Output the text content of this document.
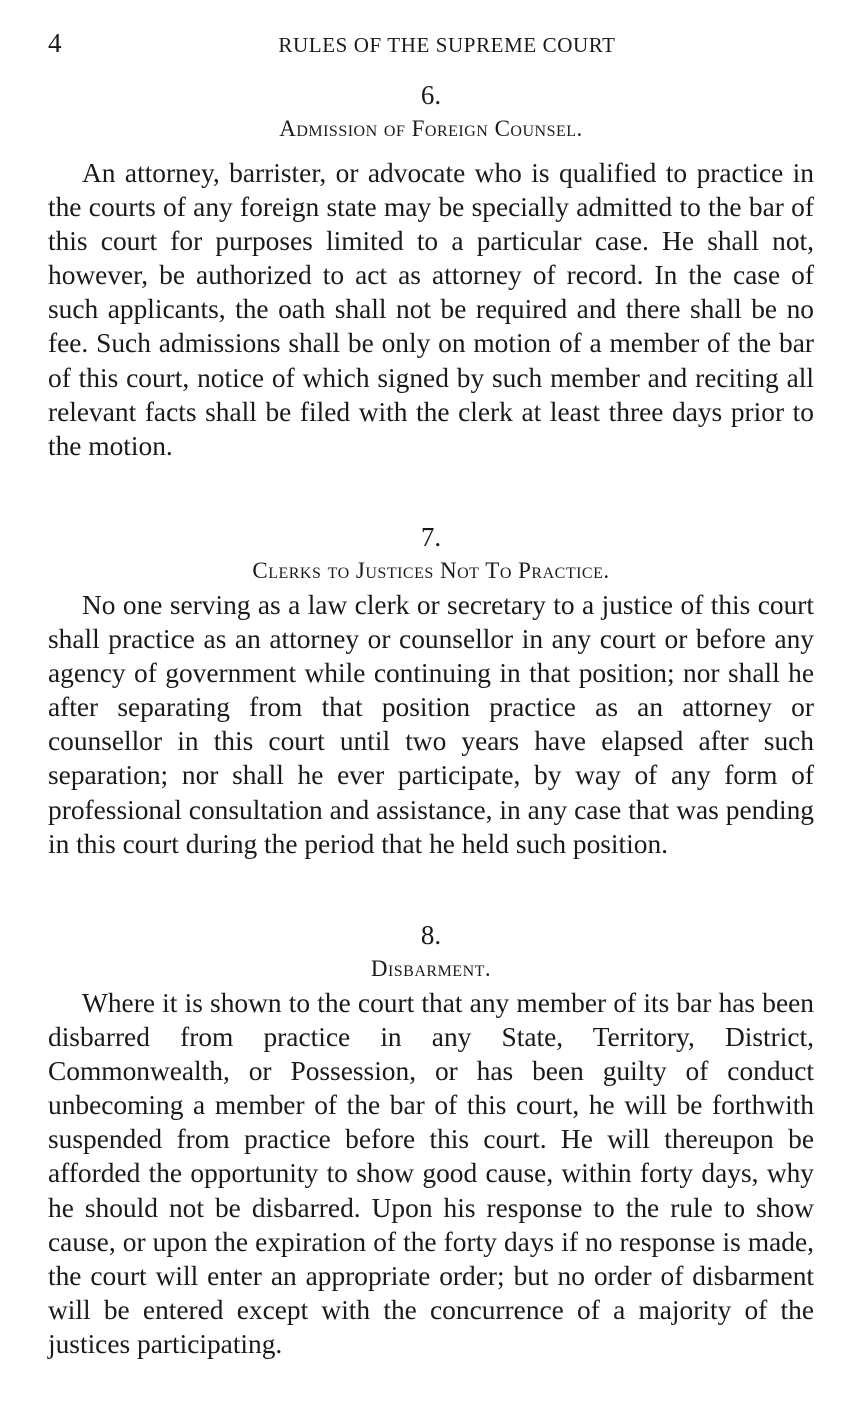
4	RULES OF THE SUPREME COURT
6.
Admission of Foreign Counsel.

An attorney, barrister, or advocate who is qualified to practice in the courts of any foreign state may be specially admitted to the bar of this court for purposes limited to a particular case. He shall not, however, be authorized to act as attorney of record. In the case of such applicants, the oath shall not be required and there shall be no fee. Such admissions shall be only on motion of a member of the bar of this court, notice of which signed by such member and reciting all relevant facts shall be filed with the clerk at least three days prior to the motion.

7.
Clerks to Justices Not To Practice.

No one serving as a law clerk or secretary to a justice of this court shall practice as an attorney or counsellor in any court or before any agency of government while continuing in that position; nor shall he after separating from that position practice as an attorney or counsellor in this court until two years have elapsed after such separation; nor shall he ever participate, by way of any form of professional consultation and assistance, in any case that was pending in this court during the period that he held such position.

8.
Disbarment.

Where it is shown to the court that any member of its bar has been disbarred from practice in any State, Territory, District, Commonwealth, or Possession, or has been guilty of conduct unbecoming a member of the bar of this court, he will be forthwith suspended from practice before this court. He will thereupon be afforded the opportunity to show good cause, within forty days, why he should not be disbarred. Upon his response to the rule to show cause, or upon the expiration of the forty days if no response is made, the court will enter an appropriate order; but no order of disbarment will be entered except with the concurrence of a majority of the justices participating.
